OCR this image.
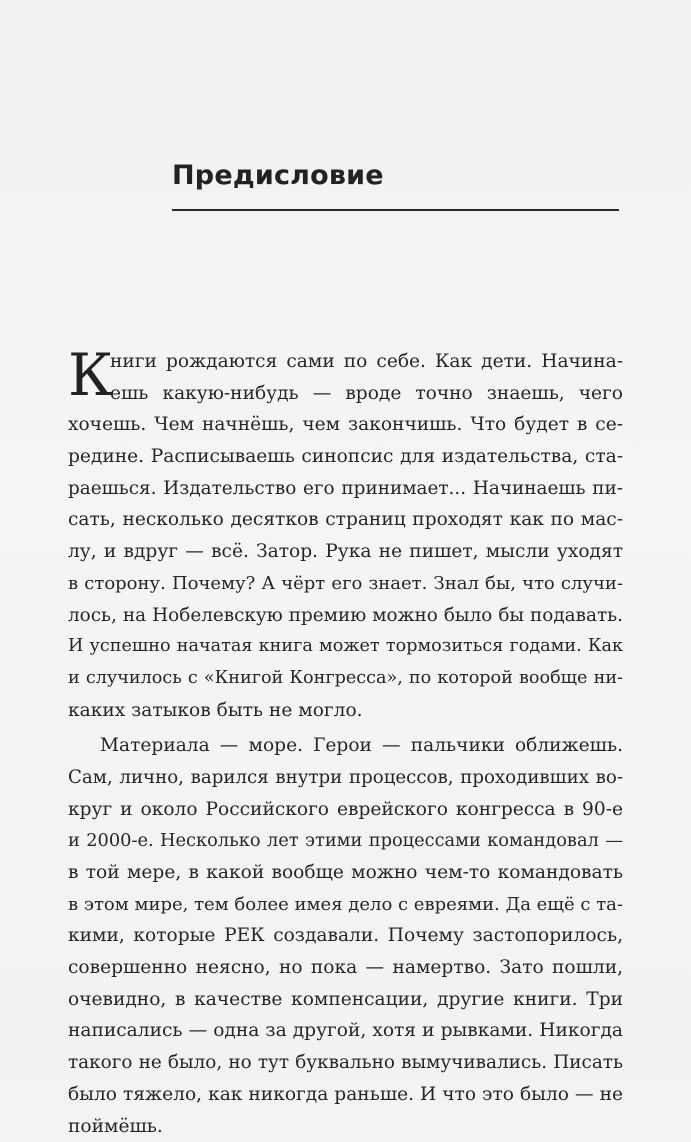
Предисловие
К
ниги рождаются сами по себе. Как дети. Начина-
ешь какую-нибудь — вроде точно знаешь, чего
хочешь. Чем начнёшь, чем закончишь. Что будет в се-
редине. Расписываешь синопсис для издательства, ста-
раешься. Издательство его принимает... Начинаешь пи-
сать, несколько десятков страниц проходят как по мас-
лу, и вдруг — всё. Затор. Рука не пишет, мысли уходят
в сторону. Почему? А чёрт его знает. Знал бы, что случи-
лось, на Нобелевскую премию можно было бы подавать.
И успешно начатая книга может тормозиться годами. Как
и случилось с «Книгой Конгресса», по которой вообще ни-
каких затыков быть не могло.
Материала — море. Герои — пальчики оближешь.
Сам, лично, варился внутри процессов, проходивших во-
круг и около Российского еврейского конгресса в 90-е
и 2000-е. Несколько лет этими процессами командовал —
в той мере, в какой вообще можно чем-то командовать
в этом мире, тем более имея дело с евреями. Да ещё с та-
кими, которые РЕК создавали. Почему застопорилось,
совершенно неясно, но пока — намертво. Зато пошли,
очевидно, в качестве компенсации, другие книги. Три
написались — одна за другой, хотя и рывками. Никогда
такого не было, но тут буквально вымучивались. Писать
было тяжело, как никогда раньше. И что это было — не
поймёшь.
